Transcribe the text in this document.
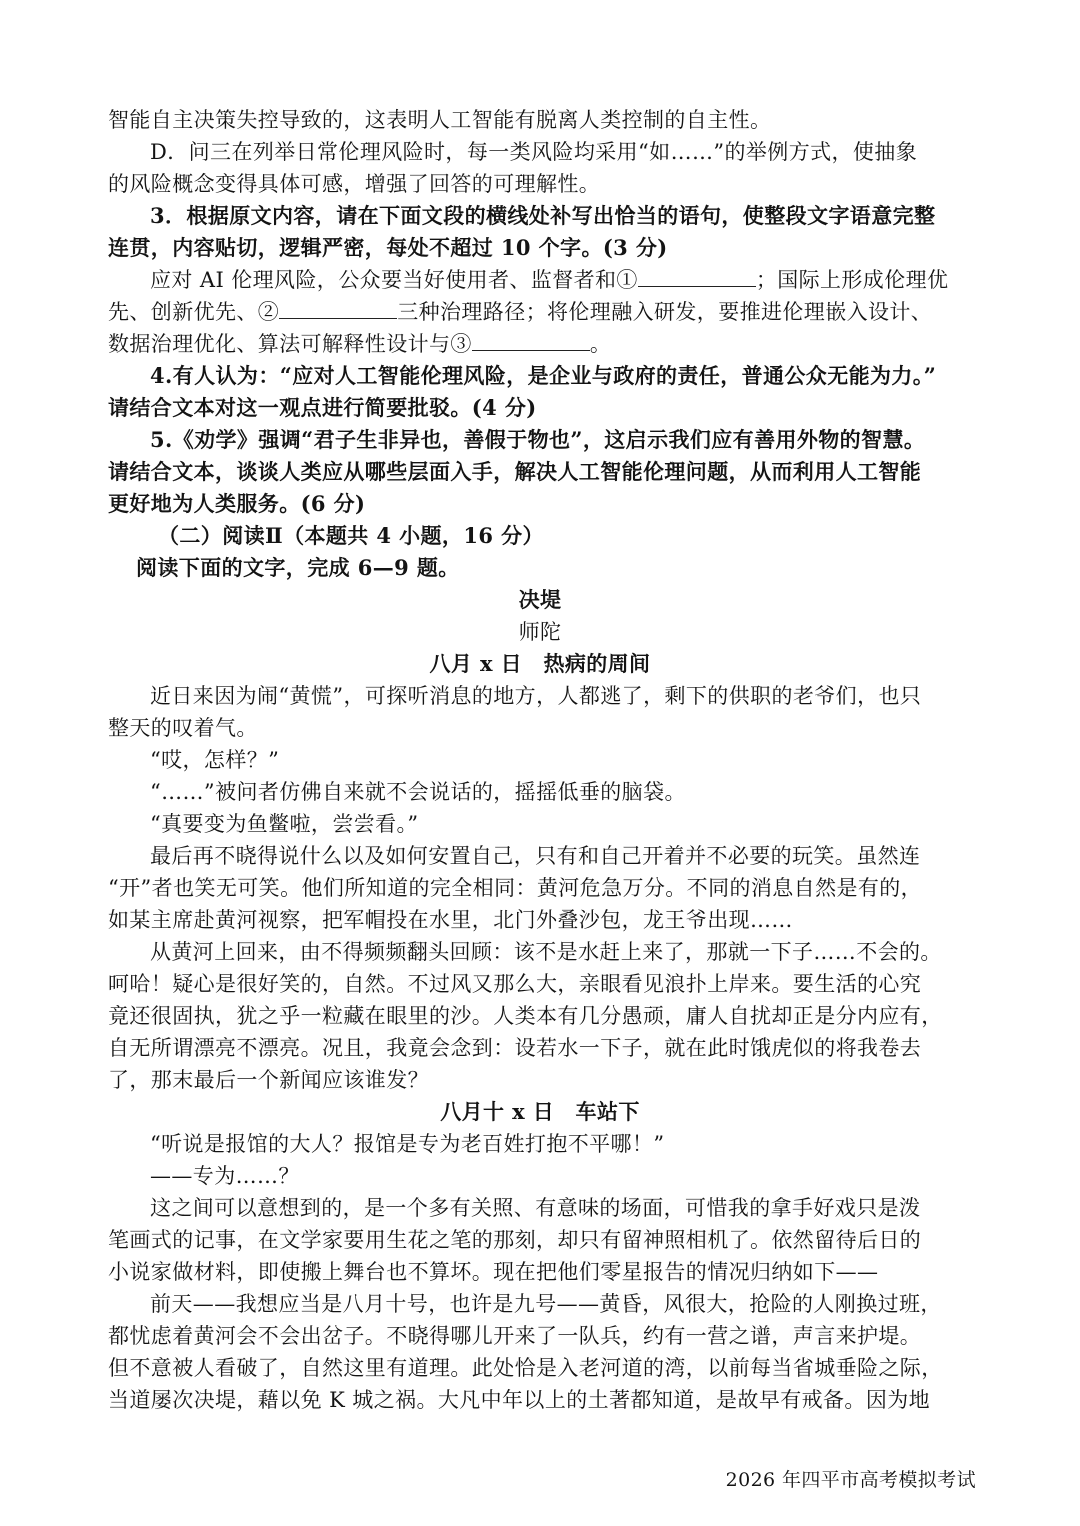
智能自主决策失控导致的，这表明人工智能有脱离人类控制的自主性。
D．问三在列举日常伦理风险时，每一类风险均采用“如……”的举例方式，使抽象
的风险概念变得具体可感，增强了回答的可理解性。
3．根据原文内容，请在下面文段的横线处补写出恰当的语句，使整段文字语意完整
连贯，内容贴切，逻辑严密，每处不超过 10 个字。(3 分)
应对 AI 伦理风险，公众要当好使用者、监督者和①	；国际上形成伦理优
先、创新优先、②	三种治理路径；将伦理融入研发，要推进伦理嵌入设计、
数据治理优化、算法可解释性设计与③	。
4.有人认为：“应对人工智能伦理风险，是企业与政府的责任，普通公众无能为力。”
请结合文本对这一观点进行简要批驳。(4 分)
5.《劝学》强调“君子生非异也，善假于物也”，这启示我们应有善用外物的智慧。
请结合文本，谈谈人类应从哪些层面入手，解决人工智能伦理问题，从而利用人工智能
更好地为人类服务。(6 分)
（二）阅读Ⅱ（本题共 4 小题，16 分）
阅读下面的文字，完成 6—9 题。
决堤
师陀
八月 x 日　热病的周间
近日来因为闹“黄慌”，可探听消息的地方，人都逃了，剩下的供职的老爷们，也只
整天的叹着气。
“哎，怎样？”
“……”被问者仿佛自来就不会说话的，摇摇低垂的脑袋。
“真要变为鱼鳖啦，尝尝看。”
最后再不晓得说什么以及如何安置自己，只有和自己开着并不必要的玩笑。虽然连
“开”者也笑无可笑。他们所知道的完全相同：黄河危急万分。不同的消息自然是有的，
如某主席赴黄河视察，把军帽投在水里，北门外叠沙包，龙王爷出现……
从黄河上回来，由不得频频翻头回顾：该不是水赶上来了，那就一下子……不会的。
呵哈！疑心是很好笑的，自然。不过风又那么大，亲眼看见浪扑上岸来。要生活的心究
竟还很固执，犹之乎一粒藏在眼里的沙。人类本有几分愚顽，庸人自扰却正是分内应有，
自无所谓漂亮不漂亮。况且，我竟会念到：设若水一下子，就在此时饿虎似的将我卷去
了，那末最后一个新闻应该谁发？
八月十 x 日　车站下
“听说是报馆的大人？报馆是专为老百姓打抱不平哪！”
——专为……？
这之间可以意想到的，是一个多有关照、有意味的场面，可惜我的拿手好戏只是泼
笔画式的记事，在文学家要用生花之笔的那刻，却只有留神照相机了。依然留待后日的
小说家做材料，即使搬上舞台也不算坏。现在把他们零星报告的情况归纳如下——
前天——我想应当是八月十号，也许是九号——黄昏，风很大，抢险的人刚换过班，
都忧虑着黄河会不会出岔子。不晓得哪儿开来了一队兵，约有一营之谱，声言来护堤。
但不意被人看破了，自然这里有道理。此处恰是入老河道的湾，以前每当省城垂险之际，
当道屡次决堤，藉以免 K 城之祸。大凡中年以上的土著都知道，是故早有戒备。因为地
2026 年四平市高考模拟考试
